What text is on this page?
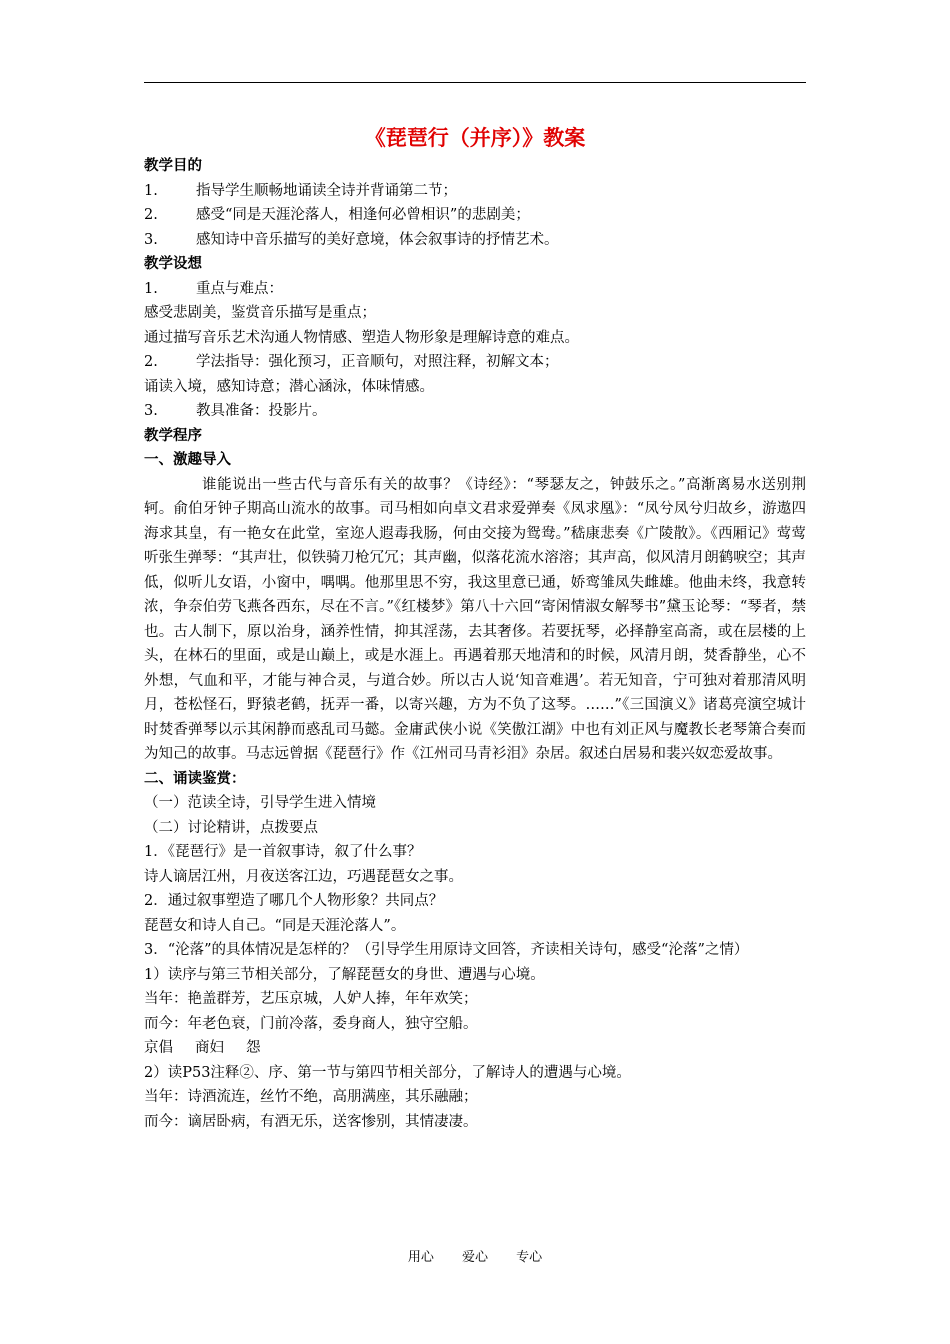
《琵琶行（并序）》教案
教学目的
1.	指导学生顺畅地诵读全诗并背诵第二节；
2.	感受“同是天涯沦落人，相逢何必曾相识”的悲剧美；
3.	感知诗中音乐描写的美好意境，体会叙事诗的抒情艺术。
教学设想
1.	重点与难点：
感受悲剧美，鉴赏音乐描写是重点；
通过描写音乐艺术沟通人物情感、塑造人物形象是理解诗意的难点。
2.	学法指导：强化预习，正音顺句，对照注释，初解文本；
诵读入境，感知诗意；潜心涵泳，体味情感。
3.	教具准备：投影片。
教学程序
一、激趣导入

谁能说出一些古代与音乐有关的故事？《诗经》：“琴瑟友之，钟鼓乐之。”高渐离易水送别荆轲。俞伯牙钟子期高山流水的故事。司马相如向卓文君求爱弹奏《凤求凰》：“凤兮凤兮归故乡，游遨四海求其皇，有一艳女在此堂，室迩人遐毒我肠，何由交接为鸳鸯。”嵇康悲奏《广陵散》。《西厢记》莺莺听张生弹琴：“其声壮，似铁骑刀枪冗冗；其声幽，似落花流水溶溶；其声高，似风清月朗鹤唳空；其声低，似听儿女语，小窗中，喁喁。他那里思不穷，我这里意已通，娇鸾雏凤失雌雄。他曲未终，我意转浓，争奈伯劳飞燕各西东，尽在不言。”《红楼梦》第八十六回“寄闲情淑女解琴书”黛玉论琴：“琴者，禁也。古人制下，原以治身，涵养性情，抑其淫荡，去其奢侈。若要抚琴，必择静室高斋，或在层楼的上头，在林石的里面，或是山巅上，或是水涯上。再遇着那天地清和的时候，风清月朗，焚香静坐，心不外想，气血和平，才能与神合灵，与道合妙。所以古人说‘知音难遇’。若无知音，宁可独对着那清风明月，苍松怪石，野猿老鹤，抚弄一番，以寄兴趣，方为不负了这琴。……”《三国演义》诸葛亮演空城计时焚香弹琴以示其闲静而惑乱司马懿。金庸武侠小说《笑傲江湖》中也有刘正风与魔教长老琴箫合奏而为知己的故事。马志远曾据《琵琶行》作《江州司马青衫泪》杂居。叙述白居易和裴兴奴恋爱故事。

二、诵读鉴赏：
（一）范读全诗，引导学生进入情境
（二）讨论精讲，点拨要点
1．《琵琶行》是一首叙事诗，叙了什么事？
诗人谪居江州，月夜送客江边，巧遇琵琶女之事。
2．通过叙事塑造了哪几个人物形象？共同点？
琵琶女和诗人自己。“同是天涯沦落人”。

3．“沦落”的具体情况是怎样的？（引导学生用原诗文回答，齐读相关诗句，感受“沦落”之情）

1）读序与第三节相关部分，了解琵琶女的身世、遭遇与心境。
当年：艳盖群芳，艺压京城，人妒人捧，年年欢笑；
而今：年老色衰，门前冷落，委身商人，独守空船。
京倡 商妇 怨
2）读P53注释②、序、第一节与第四节相关部分，了解诗人的遭遇与心境。
当年：诗酒流连，丝竹不绝，高朋满座，其乐融融；
而今：谪居卧病，有酒无乐，送客惨别，其情凄凄。
用心 爱心 专心
